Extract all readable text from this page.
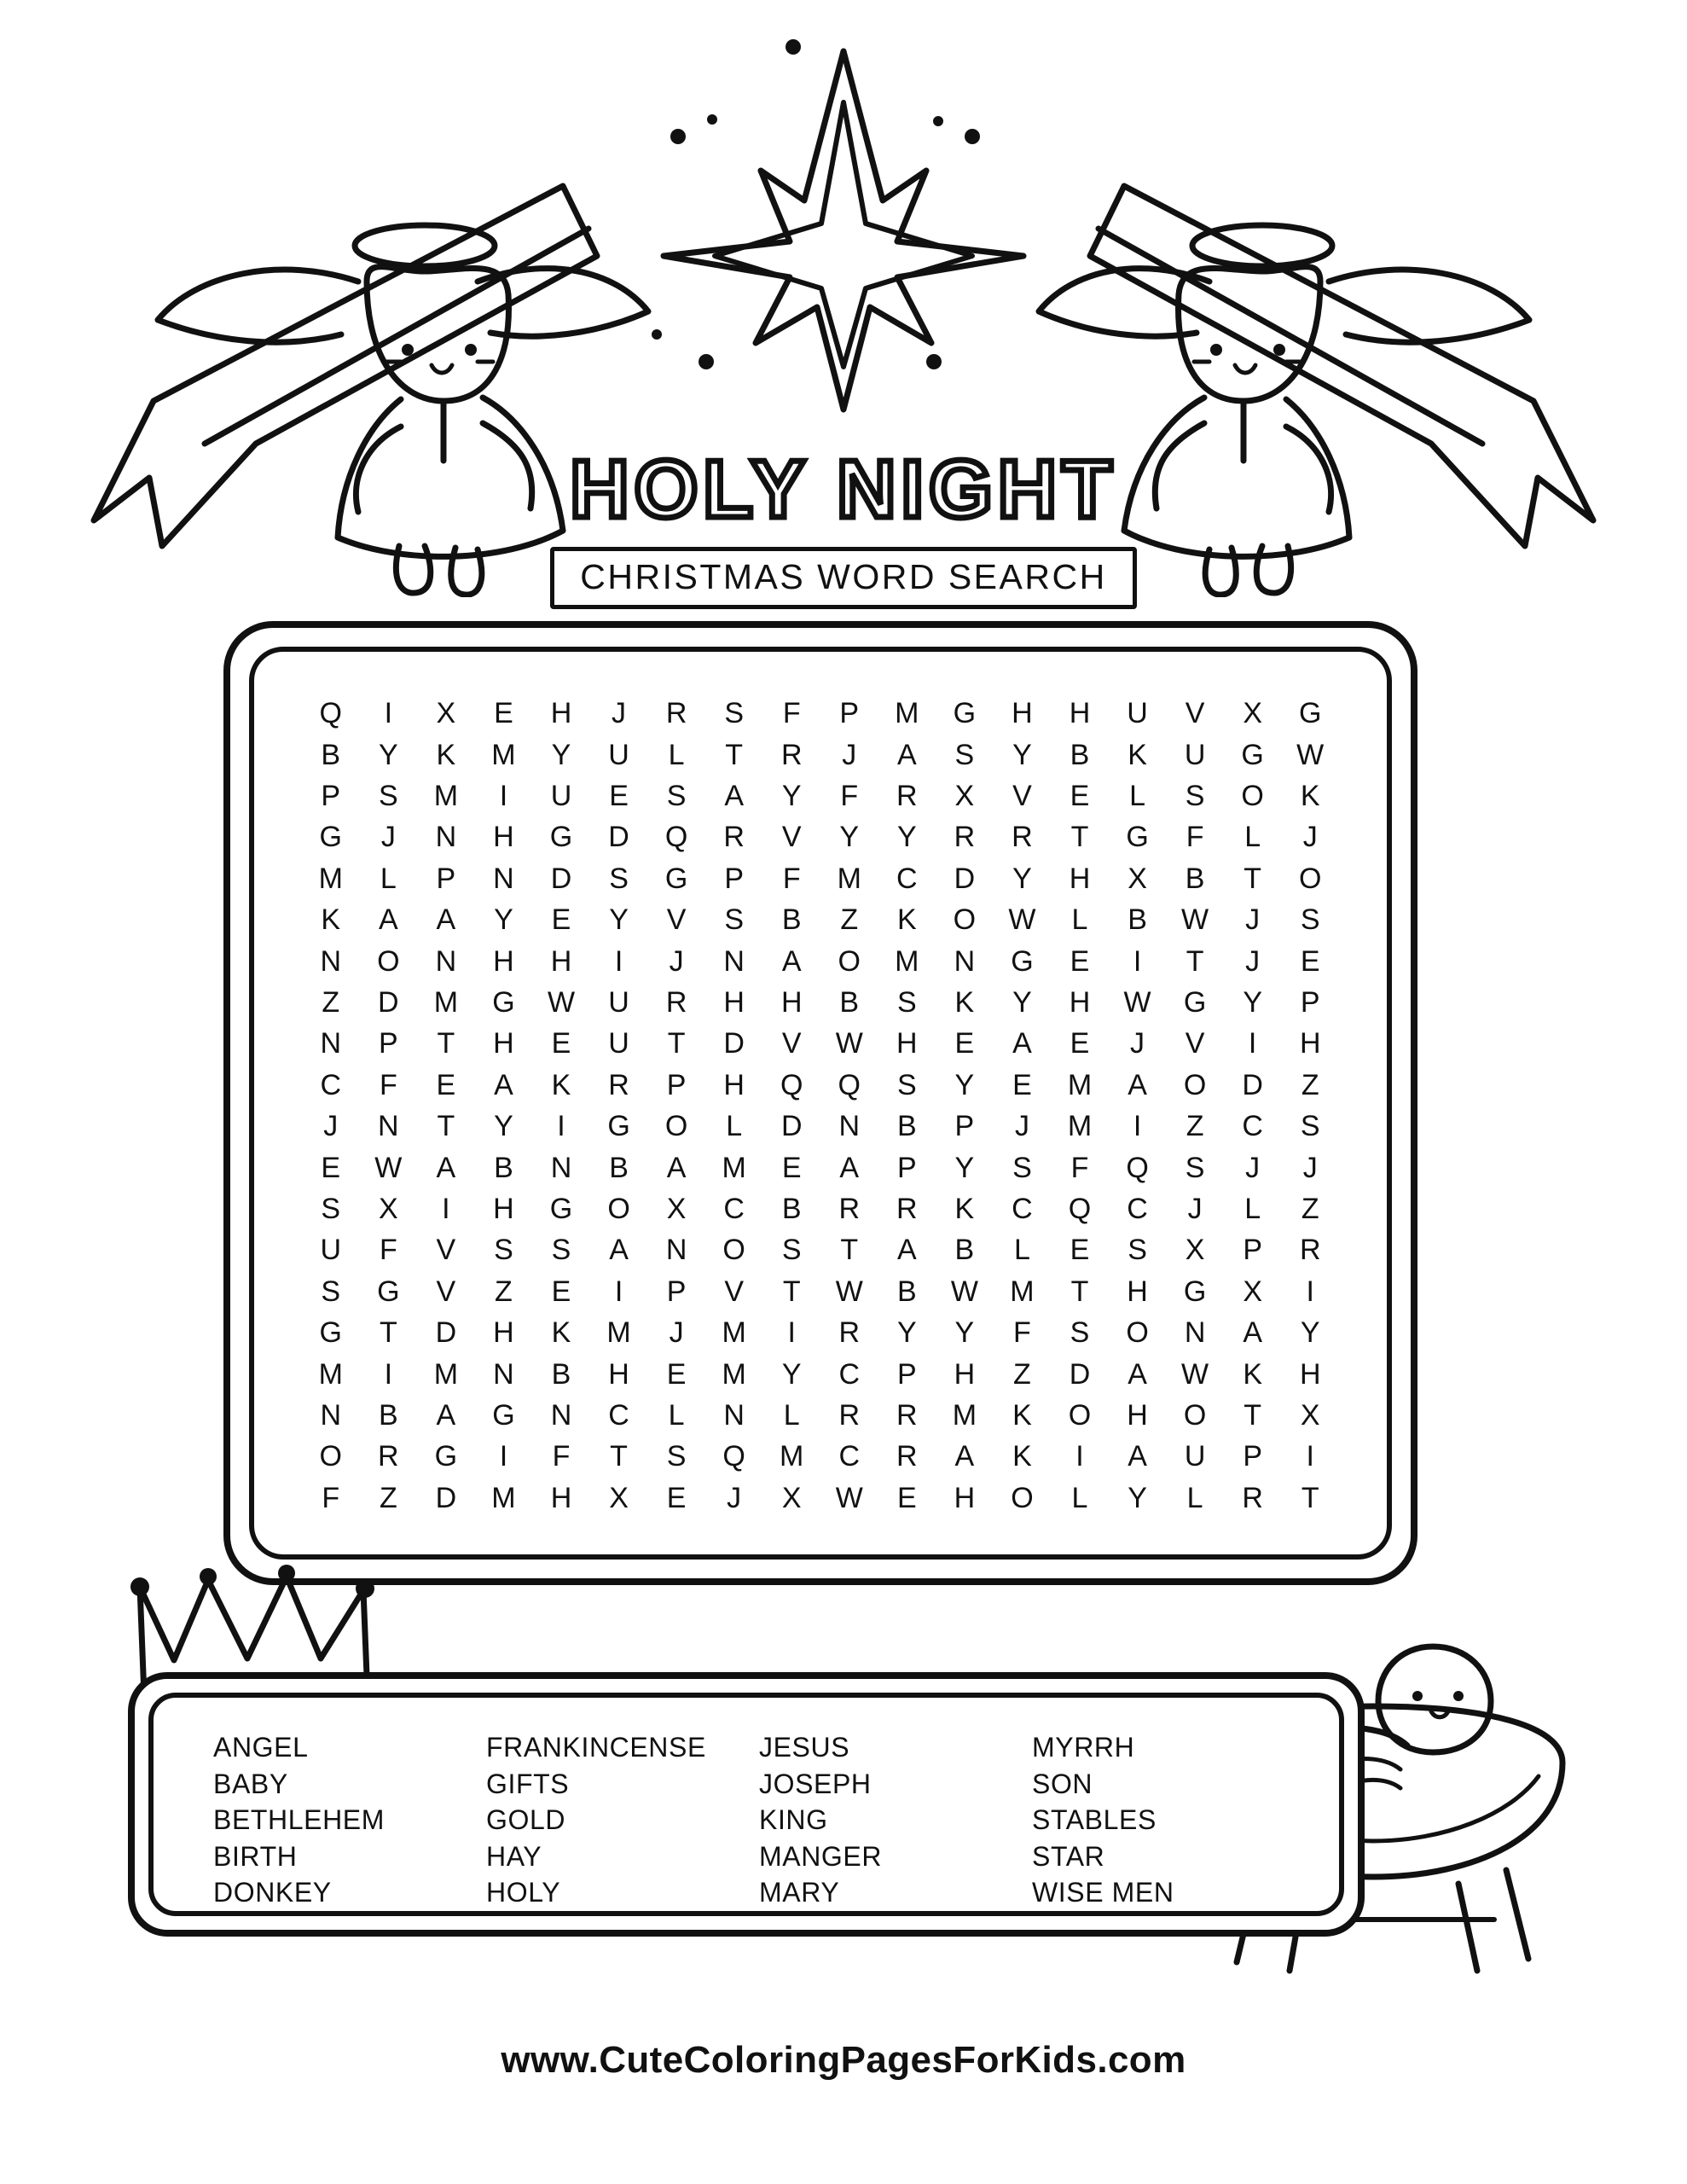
HOLY NIGHT
CHRISTMAS WORD SEARCH
Q I X E H J R S F P M G H H U V X G
B Y K M Y U L T R J A S Y B K U G W
P S M I U E S A Y F R X V E L S O K
G J N H G D Q R V Y Y R R T G F L J
M L P N D S G P F M C D Y H X B T O
K A A Y E Y V S B Z K O W L B W J S
N O N H H I J N A O M N G E I T J E
Z D M G W U R H H B S K Y H W G Y P
N P T H E U T D V W H E A E J V I H
C F E A K R P H Q Q S Y E M A O D Z
J N T Y I G O L D N B P J M I Z C S
E W A B N B A M E A P Y S F Q S J J
S X I H G O X C B R R K C Q C J L Z
U F V S S A N O S T A B L E S X P R
S G V Z E I P V T W B W M T H G X I
G T D H K M J M I R Y Y F S O N A Y
M I M N B H E M Y C P H Z D A W K H
N B A G N C L N L R R M K O H O T X
O R G I F T S Q M C R A K I A U P I
F Z D M H X E J X W E H O L Y L R T
ANGEL
BABY
BETHLEHEM
BIRTH
DONKEY
FRANKINCENSE
GIFTS
GOLD
HAY
HOLY
JESUS
JOSEPH
KING
MANGER
MARY
MYRRH
SON
STABLES
STAR
WISE MEN
www.CuteColoringPagesForKids.com
